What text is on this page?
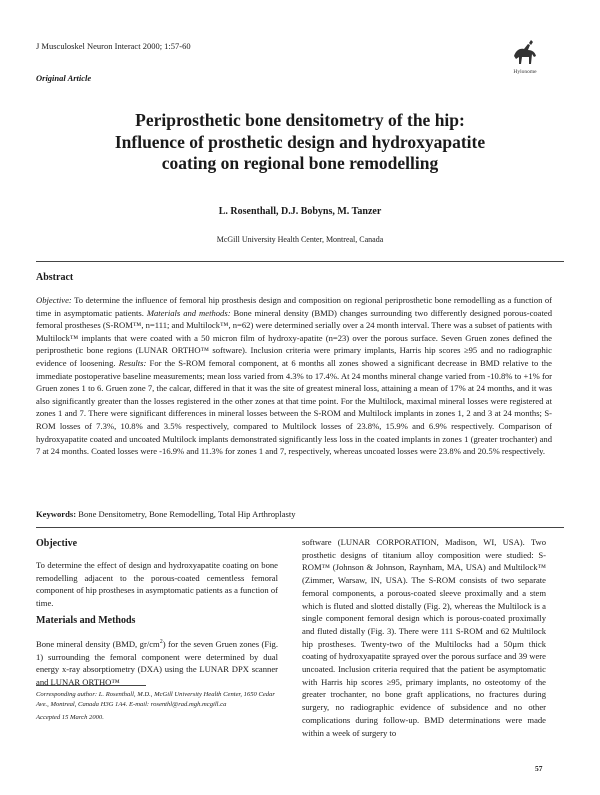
J Musculoskel Neuron Interact 2000; 1:57-60
Original Article
Hylonome
Periprosthetic bone densitometry of the hip:
Influence of prosthetic design and hydroxyapatite
coating on regional bone remodelling
L. Rosenthall, D.J. Bobyns, M. Tanzer
McGill University Health Center, Montreal, Canada
Abstract
Objective: To determine the influence of femoral hip prosthesis design and composition on regional periprosthetic bone remodelling as a function of time in asymptomatic patients. Materials and methods: Bone mineral density (BMD) changes surrounding two differently designed porous-coated femoral prostheses (S-ROM™, n=111; and Multilock™, n=62) were determined serially over a 24 month interval. There was a subset of patients with Multilock™ implants that were coated with a 50 micron film of hydroxy-apatite (n=23) over the porous surface. Seven Gruen zones defined the periprosthetic bone regions (LUNAR ORTHO™ software). Inclusion criteria were primary implants, Harris hip scores ≥95 and no radiographic evidence of loosening. Results: For the S-ROM femoral component, at 6 months all zones showed a significant decrease in BMD relative to the immediate postoperative baseline measurements; mean loss varied from 4.3% to 17.4%. At 24 months mineral change varied from -10.8% to +1% for Gruen zones 1 to 6. Gruen zone 7, the calcar, differed in that it was the site of greatest mineral loss, attaining a mean of 17% at 24 months, and it was also significantly greater than the losses registered in the other zones at that time point. For the Multilock, maximal mineral losses were registered at zones 1 and 7. There were significant differences in mineral losses between the S-ROM and Multilock implants in zones 1, 2 and 3 at 24 months; S-ROM losses of 7.3%, 10.8% and 3.5% respectively, compared to Multilock losses of 23.8%, 15.9% and 6.9% respectively. Comparison of hydroxyapatite coated and uncoated Multilock implants demonstrated significantly less loss in the coated implants in zones 1 (greater trochanter) and 7 at 24 months. Coated losses were -16.9% and 11.3% for zones 1 and 7, respectively, whereas uncoated losses were 23.8% and 20.5% respectively.
Keywords: Bone Densitometry, Bone Remodelling, Total Hip Arthroplasty
Objective
To determine the effect of design and hydroxyapatite coating on bone remodelling adjacent to the porous-coated cementless femoral component of hip prostheses in asymptomatic patients as a function of time.
Materials and Methods
Bone mineral density (BMD, $gr/cm^2$) for the seven Gruen zones (Fig. 1) surrounding the femoral component were determined by dual energy x-ray absorptiometry (DXA) using the LUNAR DPX scanner and LUNAR ORTHO™
software (LUNAR CORPORATION, Madison, WI, USA). Two prosthetic designs of titanium alloy composition were studied: S-ROM™ (Johnson & Johnson, Raynham, MA, USA) and Multilock™ (Zimmer, Warsaw, IN, USA). The S-ROM consists of two separate femoral components, a porous-coated sleeve proximally and a stem which is fluted and slotted distally (Fig. 2), whereas the Multilock is a single component femoral design which is porous-coated proximally and fluted distally (Fig. 3). There were 111 S-ROM and 62 Multilock hip prostheses. Twenty-two of the Multilocks had a 50µm thick coating of hydroxyapatite sprayed over the porous surface and 39 were uncoated. Inclusion criteria required that the patient be asymptomatic with Harris hip scores ≥95, primary implants, no osteotomy of the greater trochanter, no bone graft applications, no fractures during surgery, no radiographic evidence of subsidence and no other complications during follow-up. BMD determinations were made within a week of surgery to
Corresponding author: L. Rosenthall, M.D., McGill University Health Center, 1650 Cedar Ave., Montreal, Canada H3G 1A4. E-mail: rosenthl@rad.mgh.mcgill.ca
Accepted 15 March 2000.
57
